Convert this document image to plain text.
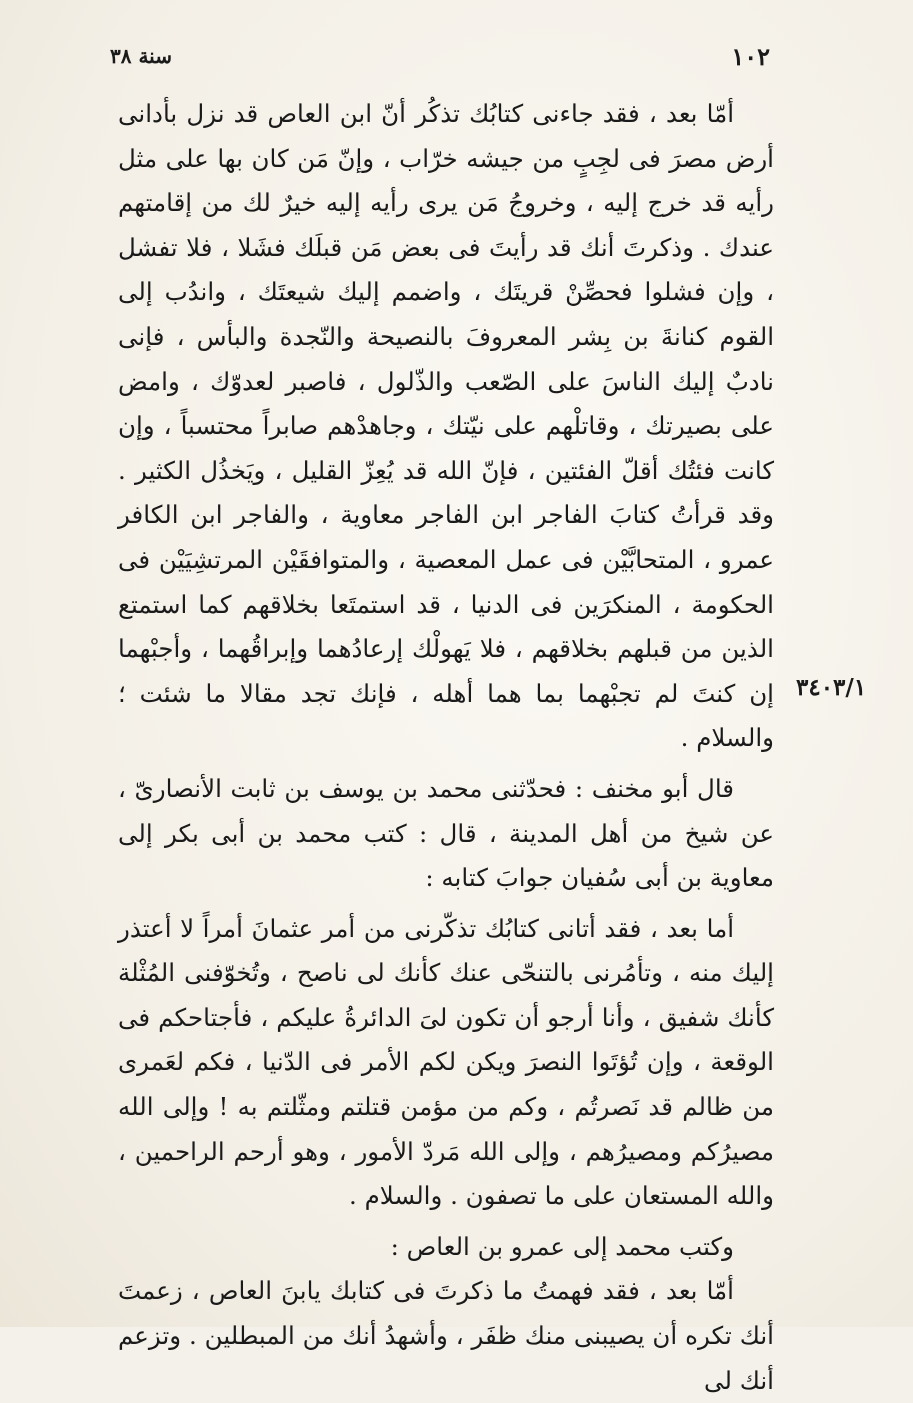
١٠٢
سنة ٣٨
٣٤٠٣/١

أمّا بعد ، فقد جاءنى كتابُك تذكُر أنّ ابن العاص قد نزل بأدانى أرض مصرَ فى لجِبٍ من جيشه خرّاب ، وإنّ مَن كان بها على مثل رأيه قد خرج إليه ، وخروجُ مَن يرى رأيه إليه خيرٌ لك من إقامتهم عندك . وذكرتَ أنك قد رأيتَ فى بعض مَن قبلَك فشَلا ، فلا تفشل ، وإن فشلوا فحصِّنْ قريتَك ، واضمم إليك شيعتَك ، واندُب إلى القوم كنانةَ بن بِشر المعروفَ بالنصيحة والنّجدة والبأس ، فإنى نادبٌ إليك الناسَ على الصّعب والذّلول ، فاصبر لعدوّك ، وامض على بصيرتك ، وقاتلْهم على نيّتك ، وجاهدْهم صابراً محتسباً ، وإن كانت فئتُك أقلّ الفئتين ، فإنّ الله قد يُعِزّ القليل ، ويَخذُل الكثير . وقد قرأتُ كتابَ الفاجر ابن الفاجر معاوية ، والفاجر ابن الكافر عمرو ، المتحابَّيْن فى عمل المعصية ، والمتوافقَيْن المرتشِيَيْن فى الحكومة ، المنكرَين فى الدنيا ، قد استمتَعا بخلاقهم كما استمتع الذين من قبلهم بخلاقهم ، فلا يَهولْك إرعادُهما وإبراقُهما ، وأجبْهما إن كنتَ لم تجبْهما بما هما أهله ، فإنك تجد مقالا ما شئت ؛ والسلام .

قال أبو مخنف : فحدّثنى محمد بن يوسف بن ثابت الأنصارىّ ، عن شيخ من أهل المدينة ، قال : كتب محمد بن أبى بكر إلى معاوية بن أبى سُفيان جوابَ كتابه :

أما بعد ، فقد أتانى كتابُك تذكّرنى من أمر عثمانَ أمراً لا أعتذر إليك منه ، وتأمُرنى بالتنحّى عنك كأنك لى ناصح ، وتُخوّفنى المُثْلة كأنك شفيق ، وأنا أرجو أن تكون لىَ الدائرةُ عليكم ، فأجتاحكم فى الوقعة ، وإن تُؤتَوا النصرَ ويكن لكم الأمر فى الدّنيا ، فكم لعَمرى من ظالم قد نَصرتُم ، وكم من مؤمن قتلتم ومثّلتم به ! وإلى الله مصيرُكم ومصيرُهم ، وإلى الله مَردّ الأمور ، وهو أرحم الراحمين ، والله المستعان على ما تصفون . والسلام .

وكتب محمد إلى عمرو بن العاص :

أمّا بعد ، فقد فهمتُ ما ذكرتَ فى كتابك يابنَ العاص ، زعمتَ أنك تكره أن يصيبنى منك ظفَر ، وأشهدُ أنك من المبطلين . وتزعم أنك لى
